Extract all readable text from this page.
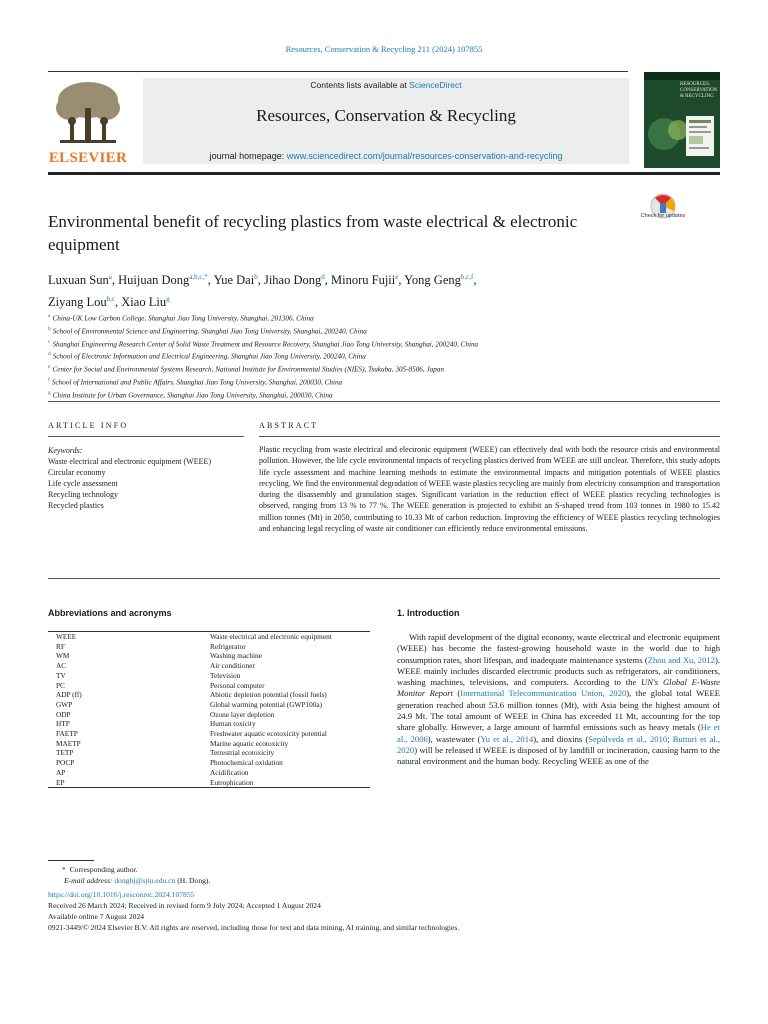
Resources, Conservation & Recycling 211 (2024) 107855
ELSEVIER
Contents lists available at ScienceDirect
Resources, Conservation & Recycling
journal homepage: www.sciencedirect.com/journal/resources-conservation-and-recycling
RESOURCES, CONSERVATION & RECYCLING
Check for updates
Environmental benefit of recycling plastics from waste electrical & electronic equipment
Luxuan Sun$^a$, Huijuan Dong$^{a,b,c,*}$, Yue Dai$^b$, Jihao Dong$^d$, Minoru Fujii$^e$, Yong Geng$^{b,c,f}$,
Ziyang Lou$^{b,c}$, Xiao Liu$^g$
$^a$ China-UK Low Carbon College, Shanghai Jiao Tong University, Shanghai, 201306, China
$^b$ School of Environmental Science and Engineering, Shanghai Jiao Tong University, Shanghai, 200240, China
$^c$ Shanghai Engineering Research Center of Solid Waste Treatment and Resource Recovery, Shanghai Jiao Tong University, Shanghai, 200240, China
$^d$ School of Electronic Information and Electrical Engineering, Shanghai Jiao Tong University, 200240, China
$^e$ Center for Social and Environmental Systems Research, National Institute for Environmental Studies (NIES), Tsukuba, 305-8506, Japan
$^f$ School of International and Public Affairs, Shanghai Jiao Tong University, Shanghai, 200030, China
$^g$ China Institute for Urban Governance, Shanghai Jiao Tong University, Shanghai, 200030, China
ARTICLE INFO	ABSTRACT
Keywords:
Waste electrical and electronic equipment (WEEE)
Circular economy
Life cycle assessment
Recycling technology
Recycled plastics
Plastic recycling from waste electrical and electronic equipment (WEEE) can effectively deal with both the resource crisis and environmental pollution. However, the life cycle environmental impacts of recycling plastics derived from WEEE are still unclear. Therefore, this study adopts life cycle assessment and machine learning methods to estimate the environmental impacts and mitigation potentials of WEEE plastics recycling. We find the environmental degradation of WEEE waste plastics recycling are mainly from electricity consumption and transportation during the disassembly and granulation stages. Significant variation in the reduction effect of WEEE plastics recycling technologies is observed, ranging from 13 % to 77 %. The WEEE generation is projected to exhibit an S-shaped trend from 103 tonnes in 1980 to 15.42 million tonnes (Mt) in 2050, contributing to 10.33 Mt of carbon reduction. Improving the efficiency of WEEE plastics recycling technologies and enhancing legal recycling of waste air conditioner can efficiently reduce environmental emissions.
Abbreviations and acronyms
WEEE	Waste electrical and electronic equipment
RF	Refrigerator
WM	Washing machine
AC	Air conditioner
TV	Television
PC	Personal computer
ADP (ff)	Abiotic depletion potential (fossil fuels)
GWP	Global warming potential (GWP100a)
ODP	Ozone layer depletion
HTP	Human toxicity
FAETP	Freshwater aquatic ecotoxicity potential
MAETP	Marine aquatic ecotoxicity
TETP	Terrestrial ecotoxicity
POCP	Photochemical oxidation
AP	Acidification
EP	Eutrophication
1. Introduction
With rapid development of the digital economy, waste electrical and electronic equipment (WEEE) has become the fastest-growing household waste in the world due to high consumption rates, short lifespan, and inadequate maintenance systems (Zhou and Xu, 2012). WEEE mainly includes discarded electronic products such as refrigerators, air conditioners, washing machines, televisions, and computers. According to the UN's Global E-Waste Monitor Report (International Telecommunication Union, 2020), the global total WEEE generation reached about 53.6 million tonnes (Mt), with Asia being the highest amount of 24.9 Mt. The total amount of WEEE in China has exceeded 11 Mt, accounting for the top share globally. However, a large amount of harmful emissions such as heavy metals (He et al., 2006), wastewater (Yu et al., 2014), and dioxins (Sepúlveda et al., 2010; Butturi et al., 2020) will be released if WEEE is disposed of by landfill or incineration, causing harm to the natural environment and the human body. Recycling WEEE as one of the
*  Corresponding author.
E-mail address: donghj@sjtu.edu.cn (H. Dong).
https://doi.org/10.1016/j.resconrec.2024.107855
Received 26 March 2024; Received in revised form 9 July 2024; Accepted 1 August 2024
Available online 7 August 2024
0921-3449/© 2024 Elsevier B.V. All rights are reserved, including those for text and data mining, AI training, and similar technologies.
